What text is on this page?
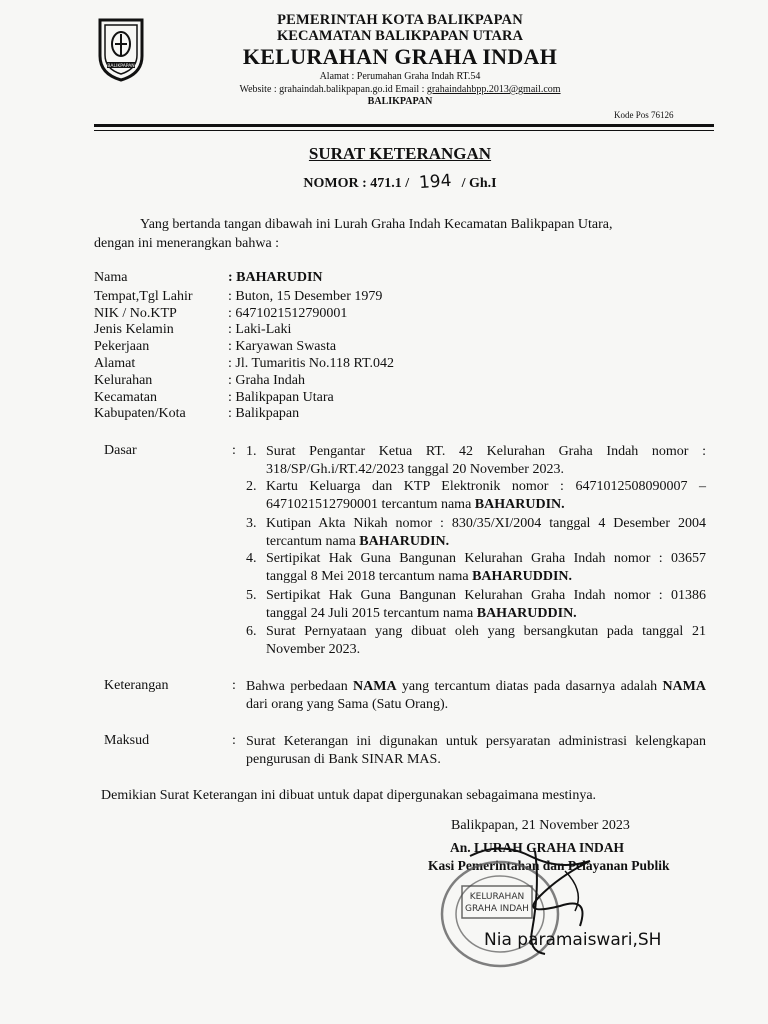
BALIKPAPAN
PEMERINTAH KOTA BALIKPAPAN
KECAMATAN BALIKPAPAN UTARA
KELURAHAN GRAHA INDAH
Alamat : Perumahan Graha Indah RT.54
Website : grahaindah.balikpapan.go.id Email : grahaindahbpp.2013@gmail.com
BALIKPAPAN
Kode Pos 76126
SURAT KETERANGAN
NOMOR : 471.1 / 194 / Gh.I
Yang bertanda tangan dibawah ini Lurah Graha Indah Kecamatan Balikpapan Utara,
dengan ini menerangkan bahwa :
Nama	: BAHARUDIN
Tempat,Tgl Lahir	: Buton, 15 Desember 1979
NIK / No.KTP	: 6471021512790001
Jenis Kelamin	: Laki-Laki
Pekerjaan	: Karyawan Swasta
Alamat	: Jl. Tumaritis No.118 RT.042
Kelurahan	: Graha Indah
Kecamatan	: Balikpapan Utara
Kabupaten/Kota	: Balikpapan
Dasar	: 1. Surat Pengantar Ketua RT. 42 Kelurahan Graha Indah nomor : 318/SP/Gh.i/RT.42/2023 tanggal 20 November 2023.
2. Kartu Keluarga dan KTP Elektronik nomor : 6471012508090007 – 6471021512790001 tercantum nama BAHARUDIN.
3. Kutipan Akta Nikah nomor : 830/35/XI/2004 tanggal 4 Desember 2004 tercantum nama BAHARUDIN.
4. Sertipikat Hak Guna Bangunan Kelurahan Graha Indah nomor : 03657 tanggal 8 Mei 2018 tercantum nama BAHARUDDIN.
5. Sertipikat Hak Guna Bangunan Kelurahan Graha Indah nomor : 01386 tanggal 24 Juli 2015 tercantum nama BAHARUDDIN.
6. Surat Pernyataan yang dibuat oleh yang bersangkutan pada tanggal 21 November 2023.
Keterangan	: Bahwa perbedaan NAMA yang tercantum diatas pada dasarnya adalah NAMA dari orang yang Sama (Satu Orang).
Maksud	: Surat Keterangan ini digunakan untuk persyaratan administrasi kelengkapan pengurusan di Bank SINAR MAS.
Demikian Surat Keterangan ini dibuat untuk dapat dipergunakan sebagaimana mestinya.
Balikpapan, 21 November 2023
An. LURAH GRAHA INDAH
Kasi Pemerintahan dan Pelayanan Publik
KELURAHAN
GRAHA INDAH
Nia paramaiswari,SH
